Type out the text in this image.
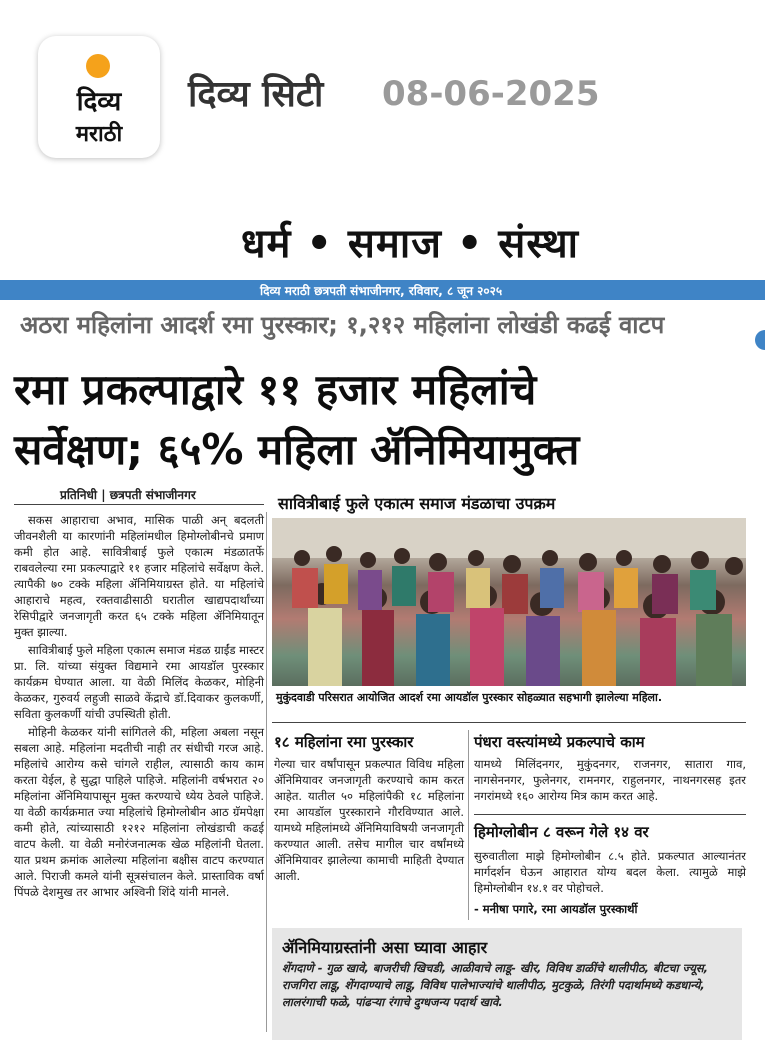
दिव्य
मराठी
दिव्य सिटी 08-06-2025
धर्म • समाज • संस्था
दिव्य मराठी छत्रपती संभाजीनगर, रविवार, ८ जून २०२५
अठरा महिलांना आदर्श रमा पुरस्कार; १,२१२ महिलांना लोखंडी कढई वाटप
रमा प्रकल्पाद्वारे ११ हजार महिलांचे
सर्वेक्षण; ६५% महिला ॲनिमियामुक्त
प्रतिनिधी | छत्रपती संभाजीनगर

सकस आहाराचा अभाव, मासिक पाळी अन् बदलती जीवनशैली या कारणांनी महिलांमधील हिमोग्लोबीनचे प्रमाण कमी होत आहे. सावित्रीबाई फुले एकात्म मंडळातर्फे राबवलेल्या रमा प्रकल्पाद्वारे ११ हजार महिलांचे सर्वेक्षण केले. त्यापैकी ७० टक्के महिला ॲनिमियाग्रस्त होते. या महिलांचे आहाराचे महत्व, रक्तवाढीसाठी घरातील खाद्यपदार्थांच्या रेसिपीद्वारे जनजागृती करत ६५ टक्के महिला ॲनिमियातून मुक्त झाल्या.

सावित्रीबाई फुले महिला एकात्म समाज मंडळ ग्राईंड मास्टर प्रा. लि. यांच्या संयुक्त विद्यमाने रमा आयडॉल पुरस्कार कार्यक्रम घेण्यात आला. या वेळी मिलिंद केळकर, मोहिनी केळकर, गुरुवर्य लहुजी साळवे केंद्राचे डॉ.दिवाकर कुलकर्णी, सविता कुलकर्णी यांची उपस्थिती होती.

मोहिनी केळकर यांनी सांगितले की, महिला अबला नसून सबला आहे. महिलांना मदतीची नाही तर संधीची गरज आहे. महिलांचे आरोग्य कसे चांगले राहील, त्यासाठी काय काम करता येईल, हे सुद्धा पाहिले पाहिजे. महिलांनी वर्षभरात २० महिलांना ॲनिमियापासून मुक्त करण्याचे ध्येय ठेवले पाहिजे. या वेळी कार्यक्रमात ज्या महिलांचे हिमोग्लोबीन आठ ग्रॅमपेक्षा कमी होते, त्यांच्यासाठी १२१२ महिलांना लोखंडाची कढई वाटप केली. या वेळी मनोरंजनात्मक खेळ महिलांनी घेतला. यात प्रथम क्रमांक आलेल्या महिलांना बक्षीस वाटप करण्यात आले. पिराजी कमले यांनी सूत्रसंचालन केले. प्रास्ताविक वर्षा पिंपळे देशमुख तर आभार अश्विनी शिंदे यांनी मानले.

सावित्रीबाई फुले एकात्म समाज मंडळाचा उपक्रम
मुकुंदवाडी परिसरात आयोजित आदर्श रमा आयडॉल पुरस्कार सोहळ्यात सहभागी झालेल्या महिला.
१८ महिलांना रमा पुरस्कार
गेल्या चार वर्षांपासून प्रकल्पात विविध महिला ॲनिमियावर जनजागृती करण्याचे काम करत आहेत. यातील ५० महिलांपैकी १८ महिलांना रमा आयडॉल पुरस्काराने गौरविण्यात आले. यामध्ये महिलांमध्ये ॲनिमियाविषयी जनजागृती करण्यात आली. तसेच मागील चार वर्षांमध्ये ॲनिमियावर झालेल्या कामाची माहिती देण्यात आली.
पंधरा वस्त्यांमध्ये प्रकल्पाचे काम
यामध्ये मिलिंदनगर, मुकुंदनगर, राजनगर, सातारा गाव, नागसेननगर, फुलेनगर, रामनगर, राहुलनगर, नाथनगरसह इतर नगरांमध्ये १६० आरोग्य मित्र काम करत आहे.
हिमोग्लोबीन ८ वरून गेले १४ वर
सुरुवातीला माझे हिमोग्लोबीन ८.५ होते. प्रकल्पात आल्यानंतर मार्गदर्शन घेऊन आहारात योग्य बदल केला. त्यामुळे माझे हिमोग्लोबीन १४.१ वर पोहोचले.
- मनीषा पगारे, रमा आयडॉल पुरस्कार्थी
ॲनिमियाग्रस्तांनी असा घ्यावा आहार
शेंगदाणे - गुळ खावे, बाजरीची खिचडी, आळीवाचे लाडू- खीर, विविध डाळींचे थालीपीठ, बीटचा ज्यूस, राजगिरा लाडू, शेंगदाण्याचे लाडू, विविध पालेभाज्यांचे थालीपीठ, मुटकुळे, तिरंगी पदार्थामध्ये कडधान्ये, लालरंगाची फळे, पांढऱ्या रंगाचे दुग्धजन्य पदार्थ खावे.
